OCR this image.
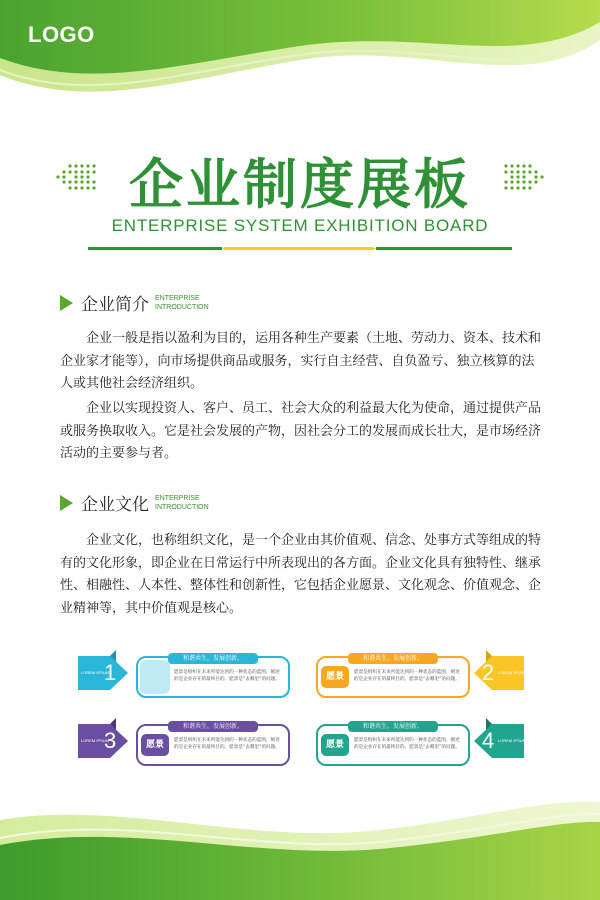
LOGO
企业制度展板
ENTERPRISE SYSTEM EXHIBITION BOARD
企业简介 ENTERPRISE
INTRODUCTION

企业一般是指以盈利为目的，运用各种生产要素（土地、劳动力、资本、技术和企业家才能等），向市场提供商品或服务，实行自主经营、自负盈亏、独立核算的法人或其他社会经济组织。

企业以实现投资人、客户、员工、社会大众的利益最大化为使命，通过提供产品或服务换取收入。它是社会发展的产物，因社会分工的发展而成长壮大，是市场经济活动的主要参与者。

企业文化 ENTERPRISE
INTRODUCTION

企业文化，也称组织文化，是一个企业由其价值观、信念、处事方式等组成的特有的文化形象，即企业在日常运行中所表现出的各方面。企业文化具有独特性、继承性、相融性、人本性、整体性和创新性，它包括企业愿景、文化观念、价值观念、企业精神等，其中价值观是核心。

LOREM IPSUM
1
和谐共生，发展创新。
愿景是组织在未来所能达到的一种状态的蓝图，阐述的是企业存在的最终目的。愿景是“去哪里”的问题。
和谐共生，发展创新。
愿景	愿景是组织在未来所能达到的一种状态的蓝图，阐述的是企业存在的最终目的。愿景是“去哪里”的问题。 2 LOREM IPSUM
LOREM IPSUM
3
和谐共生，发展创新。
愿景	愿景是组织在未来所能达到的一种状态的蓝图，阐述的是企业存在的最终目的。愿景是“去哪里”的问题。
和谐共生，发展创新。
愿景	愿景是组织在未来所能达到的一种状态的蓝图，阐述的是企业存在的最终目的。愿景是“去哪里”的问题。 4 LOREM IPSUM
